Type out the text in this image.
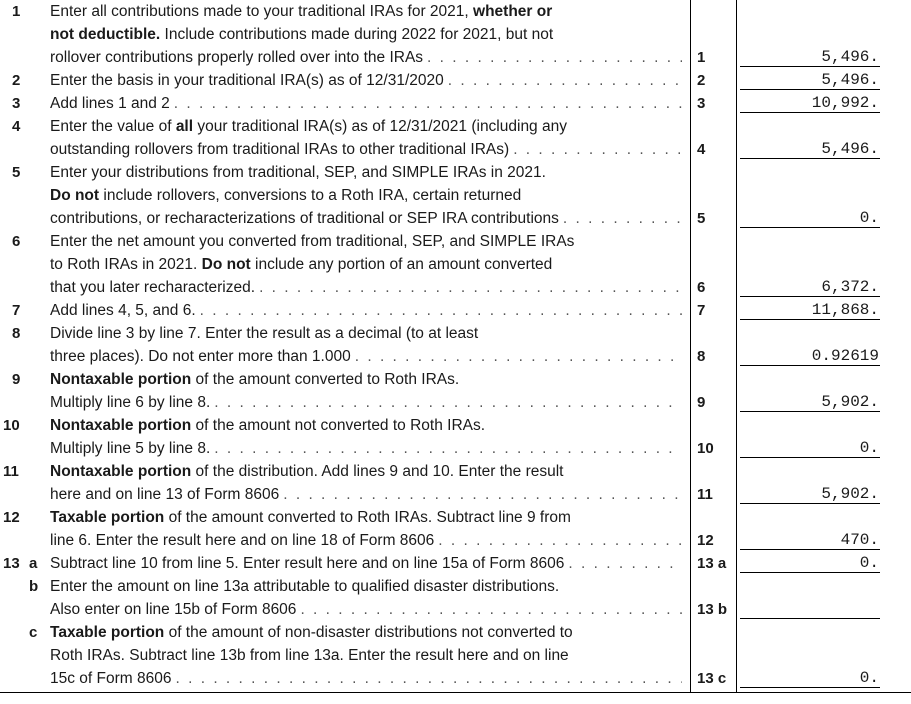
1 Enter all contributions made to your traditional IRAs for 2021, whether or
not deductible. Include contributions made during 2022 for 2021, but not
rollover contributions properly rolled over into the IRAs . . .	1	5,496.
2 Enter the basis in your traditional IRA(s) as of 12/31/2020 . . .	2	5,496.
3 Add lines 1 and 2 . . .	3	10,992.
4 Enter the value of all your traditional IRA(s) as of 12/31/2021 (including any
outstanding rollovers from traditional IRAs to other traditional IRAs) . . .	4	5,496.
5 Enter your distributions from traditional, SEP, and SIMPLE IRAs in 2021.
Do not include rollovers, conversions to a Roth IRA, certain returned
contributions, or recharacterizations of traditional or SEP IRA contributions . . .	5	0.
6 Enter the net amount you converted from traditional, SEP, and SIMPLE IRAs
to Roth IRAs in 2021. Do not include any portion of an amount converted
that you later recharacterized. . . .	6	6,372.
7 Add lines 4, 5, and 6. . . .	7	11,868.
8 Divide line 3 by line 7. Enter the result as a decimal (to at least
three places). Do not enter more than 1.000 . . .	8	0.92619
9 Nontaxable portion of the amount converted to Roth IRAs.
Multiply line 6 by line 8. . . .	9	5,902.
10 Nontaxable portion of the amount not converted to Roth IRAs.
Multiply line 5 by line 8. . . .	10	0.
11 Nontaxable portion of the distribution. Add lines 9 and 10. Enter the result
here and on line 13 of Form 8606 . . .	11	5,902.
12 Taxable portion of the amount converted to Roth IRAs. Subtract line 9 from
line 6. Enter the result here and on line 18 of Form 8606 . . .	12	470.
13 a Subtract line 10 from line 5. Enter result here and on line 15a of Form 8606 . . .	13 a	0.
b Enter the amount on line 13a attributable to qualified disaster distributions.
Also enter on line 15b of Form 8606 . . .	13 b
c Taxable portion of the amount of non-disaster distributions not converted to
Roth IRAs. Subtract line 13b from line 13a. Enter the result here and on line
15c of Form 8606 . . .	13 c	0.
